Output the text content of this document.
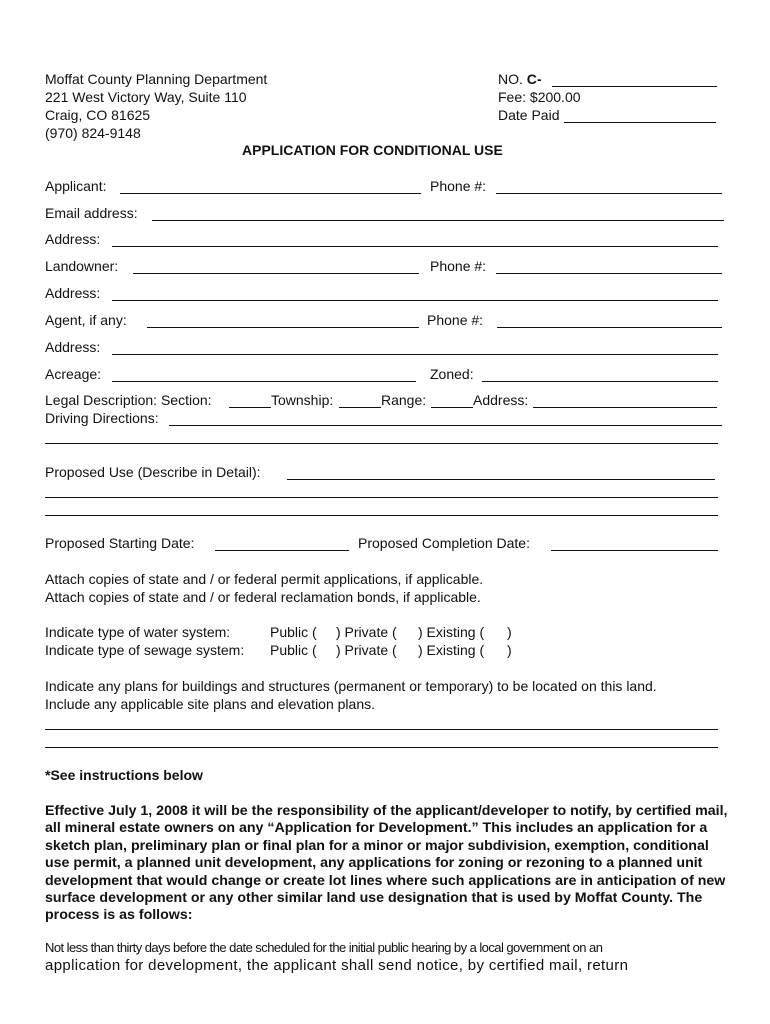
Moffat County Planning Department
221 West Victory Way, Suite 110
Craig, CO 81625
(970) 824-9148
NO. C-
Fee: $200.00
Date Paid
APPLICATION FOR CONDITIONAL USE
Applicant:	Phone #:
Email address:
Address:
Landowner:	Phone #:
Address:
Agent, if any:	Phone #:
Address:
Acreage:	Zoned:
Legal Description: Section:	Township:	Range:	Address:
Driving Directions:
Proposed Use (Describe in Detail):
Proposed Starting Date:	Proposed Completion Date:
Attach copies of state and / or federal permit applications, if applicable.
Attach copies of state and / or federal reclamation bonds, if applicable.
Indicate type of water system:	Public ( ) Private ( ) Existing ( )
Indicate type of sewage system: Public ( ) Private ( ) Existing ( )
Indicate any plans for buildings and structures (permanent or temporary) to be located on this land.
Include any applicable site plans and elevation plans.
*See instructions below
Effective July 1, 2008 it will be the responsibility of the applicant/developer to notify, by certified mail, all mineral estate owners on any “Application for Development.” This includes an application for a sketch plan, preliminary plan or final plan for a minor or major subdivision, exemption, conditional use permit, a planned unit development, any applications for zoning or rezoning to a planned unit development that would change or create lot lines where such applications are in anticipation of new surface development or any other similar land use designation that is used by Moffat County. The process is as follows:
Not less than thirty days before the date scheduled for the initial public hearing by a local government on an
application for development, the applicant shall send notice, by certified mail, return
